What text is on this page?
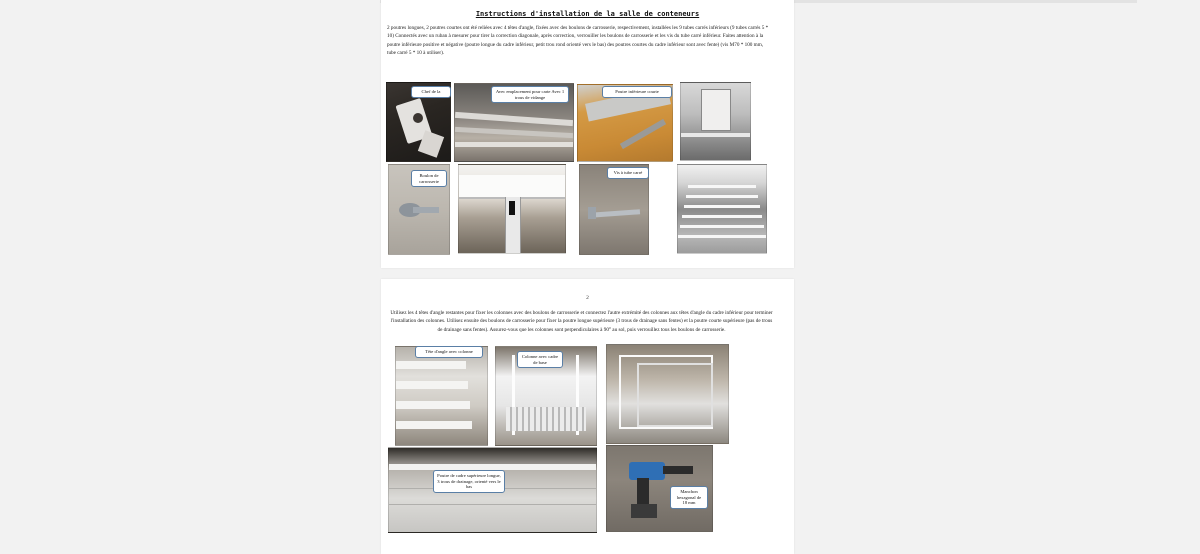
Instructions d'installation de la salle de conteneurs
2 poutres longues, 2 poutres courtes ont été reliées avec 4 têtes d'angle, fixées avec des boulons de carrosserie, respectivement, installées les 9 tubes carrés inférieurs (9 tubes carrés 5 * 10) Connectés avec un ruban à mesurer pour tirer la correction diagonale, après correction, verrouiller les boulons de carrosserie et les vis du tube carré inférieur. Faites attention à la poutre inférieure positive et négative (poutre longue du cadre inférieur, petit trou rond orienté vers le bas) des poutres courtes du cadre inférieur sont avec fente) (vis M70 * 100 mm, tube carré 5 * 10 à utiliser).
Chef de la	Avec emplacement pour carte Avec 1 trous de vidange
Poutre inférieure courte
Boulon de carrosserie
Vis à tube carré
2
Utilisez les 4 têtes d'angle restantes pour fixer les colonnes avec des boulons de carrosserie et connectez l'autre extrémité des colonnes aux têtes d'angle du cadre inférieur pour terminer l'installation des colonnes. Utilisez ensuite des boulons de carrosserie pour fixer la poutre longue supérieure (3 trous de drainage sans fentes) et la poutre courte supérieure (pas de trous de drainage sans fentes). Assurez-vous que les colonnes sont perpendiculaires à 90° au sol, puis verrouillez tous les boulons de carrosserie.
Tête d'angle avec colonne
Colonne avec cadre de base
Poutre de cadre supérieure longue, 3 trous de drainage, orienté vers le bas
Manchon hexagonal de 18 mm
